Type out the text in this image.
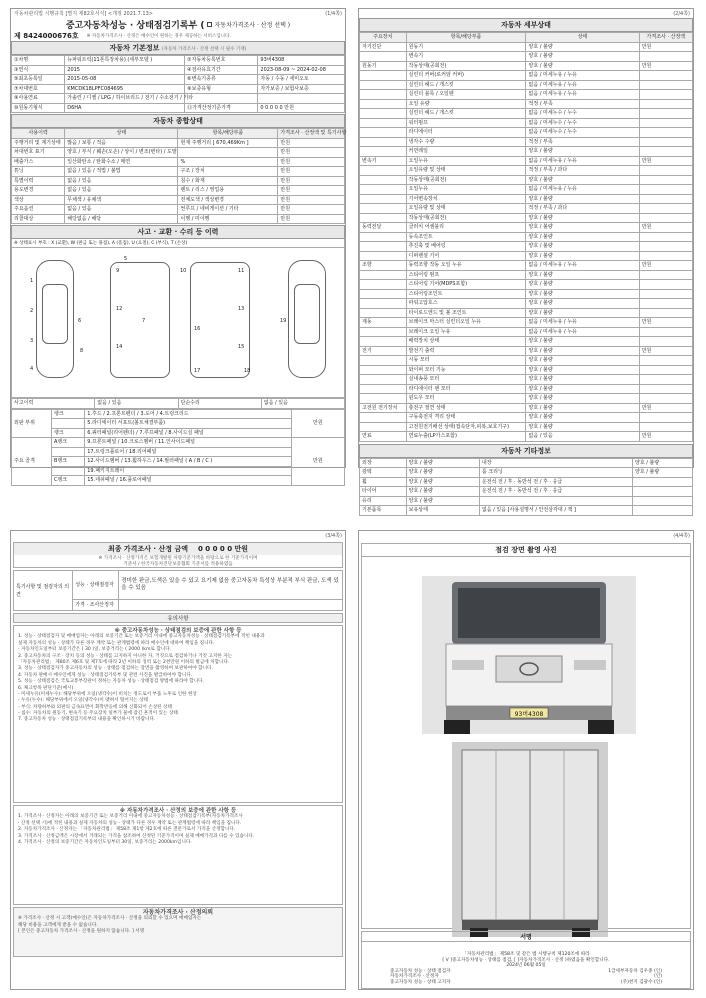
자동차관리법 시행규칙 [별지 제82호서식] <개정 2021.7.13>	(1/4쪽)
중고자동차성능 · 상태점검기록부 ( 자동차가격조사 · 산정 선택 )
제 8424000676호 ※ 자동차가격조사 · 산정은 매수인이 원하는 경우 제공하는 서비스입니다.
자동차 기본정보 (자동차 가격조사 · 산정 선택 시 필수 기재)
①차명	뉴파워트럭(11톤특장차용) (세부모델 )	②자동차등록번호	93버4308
③연식	2015	④검사유효기간	2023-08-09 ~ 2024-02-08
⑤최초등록일	2015-05-08	⑥변속기종류	자동 / 수동 / 세미오토
⑦차대번호	KMCDK18LPFC084695	⑧보증유형	자가보증 / 보험사보증
⑨사용연료	가솔린 / 디젤 / LPG / 하이브리드 / 전기 / 수소전기 / 기타		
⑩원동기형식	D6HA	⑪가격산정기준가격	0 0 0 0 0 만원
자동차 종합상태
사용이력	상태	항목/해당부품	가격조사 · 산정액 및 특기사항
주행거리 및 계기상태	많음 / 보통 / 적음	현재 주행거리 [ 670,469Km ]	만원
차대번호 표기	양호 / 부식 / 훼손(오손) / 상이 / 변조(변타) / 도말		만원
배출가스	일산화탄소 / 탄화수소 / 매연	%	만원
튜닝	없음 / 있음 / 적법 / 불법	구조 / 장치	만원
특별이력	없음 / 있음	침수 / 화재	만원
용도변경	없음 / 있음	렌트 / 리스 / 영업용	만원
색상	무채색 / 유채색	전체도색 / 색상변경	만원
주요옵션	없음 / 있음	썬루프 / 네비게이션 / 기타	만원
리콜대상	해당없음 / 해당	이행 / 미이행	만원
사고 · 교환 · 수리 등 이력
※ 상태표시 부호 : X (교환), W (판금 또는 용접), A (흠집), U (요철), C (부식), T (손상)
1
2
3
4
5
6	7
8
9	10	11
12	13
14	15
16
17	18
19
사고이력	없음 / 있음	단순수리	없음 / 있음
외판 부위	랭크	1.후드 / 2.프론트펜더 / 3.도어 / 4.트렁크리드	만원
		5.라디에이터 서포트(볼트체결부품)	
	랭크	6.쿼터패널(리어펜더) / 7.루프패널 / 8.사이드실 패널	
주요 골격	A랭크	9.프론트패널 / 10.크로스멤버 / 11.인사이드패널	만원
		17.트렁크플로어 / 18.리어패널	
	B랭크	12.사이드멤버 / 13.휠하우스 / 14.필러패널 ( A / B / C )	
		19.패키지트레이	
	C랭크	15.대쉬패널 / 16.플로어패널	
(2/4쪽)
자동차 세부상태
주요장치	항목/해당부품	상태	가격조사 · 산정액
자기진단	원동기	양호 / 불량	만원
	변속기	양호 / 불량	
원동기	작동상태(공회전)	양호 / 불량	만원
	실린더 커버(로커암 커버)	없음 / 미세누유 / 누유	
	실린더 헤드 / 개스킷	없음 / 미세누유 / 누유	
	실린더 블록 / 오일팬	없음 / 미세누유 / 누유	
	오일 유량	적정 / 부족	
	실린더 헤드 / 개스킷	없음 / 미세누수 / 누수	
	워터펌프	없음 / 미세누수 / 누수	
	라디에이터	없음 / 미세누수 / 누수	
	냉각수 수량	적정 / 부족	
	커먼레일	양호 / 불량	
변속기	오일누유	없음 / 미세누유 / 누유	만원
	오일유량 및 상태	적정 / 부족 / 과다	
	작동상태(공회전)	양호 / 불량	
	오일누유	없음 / 미세누유 / 누유	
	기어변속장치	양호 / 불량	
	오일유량 및 상태	적정 / 부족 / 과다	
	작동상태(공회전)	양호 / 불량	
동력전달	클러치 어셈블리	양호 / 불량	만원
	등속조인트	양호 / 불량	
	추진축 및 베어링	양호 / 불량	
	디퍼렌셜 기어	양호 / 불량	
조향	동력조향 작동 오일 누유	없음 / 미세누유 / 누유	만원
	스티어링 펌프	양호 / 불량	
	스티어링 기어(MDPS포함)	양호 / 불량	
	스티어링조인트	양호 / 불량	
	파워고압호스	양호 / 불량	
	타이로드엔드 및 볼 조인트	양호 / 불량	
제동	브레이크 마스터 실린더오일 누유	없음 / 미세누유 / 누유	만원
	브레이크 오일 누유	없음 / 미세누유 / 누유	
	배력장치 상태	양호 / 불량	
전기	발전기 출력	양호 / 불량	만원
	시동 모터	양호 / 불량	
	와이퍼 모터 기능	양호 / 불량	
	실내송풍 모터	양호 / 불량	
	라디에이터 팬 모터	양호 / 불량	
	윈도우 모터	양호 / 불량	
고전원 전기장치	충전구 절연 상태	양호 / 불량	만원
	구동축전지 격리 상태	양호 / 불량	
	고전원전기배선 상태(접속단자,피복,보호기구)	양호 / 불량	
연료	연료누출(LP가스포함)	없음 / 있음	만원
자동차 기타정보
외장	양호 / 불량	내장	양호 / 불량
광택	양호 / 불량	룸 크리닝	양호 / 불량
휠	양호 / 불량	운전석 전 / 후 · 동반석 전 / 후 · 응급	
타이어	양호 / 불량	운전석 전 / 후 · 동반석 전 / 후 · 응급	
유리	양호 / 불량		
기본품목	보유상태	없음 / 있음 [사용설명서 / 안전삼각대 / 잭 ]	
(3/4쪽)
최종 가격조사 · 산정 금액 0 0 0 0 0 만원
※ 가격조사 · 산정가격은 보험개발원 차량기준가액을 바탕으로 한 기준가격이며
기준서 / 한국자동차진단보증협회 기준서를 적용하였음
특기사항 및 점검자의 의견	성능 · 상태점검자	경미한 판금,도색은 있을 수 있고 요기제 없음 중고자동차 특성상 부분적 부식 판금, 도색 있을 수 있음
	가격 · 조사산정자	
유의사항
※ 중고자동차성능 · 상태점검의 보증에 관한 사항 등
1. 성능 · 상태점검자 및 매매업자는 아래의 보증기간 또는 보증거리 이내에 중고자동차성능 · 상태점검기록부에 적힌 내용과
실제 자동차의 성능 · 상태가 다른 경우 계약 또는 관계법령에 따라 매수인에 대하여 책임을 집니다.
- 자동차인도일부터 보증기간은 ( 30 )일, 보증거리는 ( 2000 )km로 합니다.
2. 중고자동차의 구조 · 장치 등의 성능 · 상태를 고지하지 아니한 자, 거짓으로 점검하거나 거짓 고지한 자는
「자동차관리법」 제80조 제6호 및 제7호에 따라 2년 이하의 징역 또는 2천만원 이하의 벌금에 처합니다.
3. 성능 · 상태점검자가 중고자동차의 성능 · 상태를 점검하는 장면을 촬영하여 보관하여야 합니다.
4. 자동차 판매시 매수인에게 성능 · 상태점검기록부 및 관련 사진을 발급하여야 합니다.
5. 성능 · 상태점검은 국토교통부장관이 정하는 자동차 성능 · 상태점검 방법에 따라야 합니다.
6. 체크항목 판단기준(예시)
- 미세누유(미세누수): 해당부위에 오일(냉각수)이 비치는 정도로서 부품 노후로 인한 현상
- 누유(누수): 해당부위에서 오일(냉각수)이 맺혀서 떨어지는 상태
- 부식: 차량하부와 외판의 금속표면이 화학반응에 의해 산화되어 손상된 상태
- 침수: 자동차의 원동기, 변속기 등 주요장치 일부가 물에 잠긴 흔적이 있는 상태
7. 중고자동차 성능 · 상태점검기록부의 내용을 확인하시기 바랍니다.
※ 자동차가격조사 · 산정의 보증에 관한 사항 등
1. 가격조사 · 산정자는 아래의 보증기간 또는 보증거리 이내에 중고자동차성능 · 상태점검기록부(자동차가격조사
· 산정 선택 시)에 적힌 내용과 실제 자동차의 성능 · 상태가 다른 경우 계약 또는 관계법령에 따라 책임을 집니다.
2. 자동차가격조사 · 산정자는 「자동차관리법」 제58조 제1항 제2호에 따른 전문가로서 가격을 산정합니다.
3. 가격조사 · 산정금액은 시장에서 거래되는 가격을 참조하여 산정된 기준가격이며 실제 매매가격과 다를 수 있습니다.
4. 가격조사 · 산정의 보증기간은 자동차인도일부터 30일, 보증거리는 2000km입니다.
자동차가격조사 · 산정의뢰
※ 가격조사 · 산정 시 고객(매수인)은 자동차가격조사 · 산정을 의뢰할 수 있으며 매매업자는
해당 비용을 고객에게 받을 수 없습니다.
[ 본인은 중고자동차 가격조사 · 산정을 원하지 않습니다. ] 서명
(4/4쪽)
점검 장면 촬영 사진
93버4308
서명
「자동차관리법」 제58조 및 같은 법 시행규칙 제120조에 따라
[ V ]중고자동차성능 · 상태를 점검, [ ]자동차가격조사 · 산정 )하였음을 확인합니다.
2024년 06월 05일
중고자동차 성능 · 상태 점검자	1급세부자동차 김우종 (인)
자동차가격조사 · 산정자	(인)
중고자동차 성능 · 상태 고지자	(주)천지 김광수 (인)
